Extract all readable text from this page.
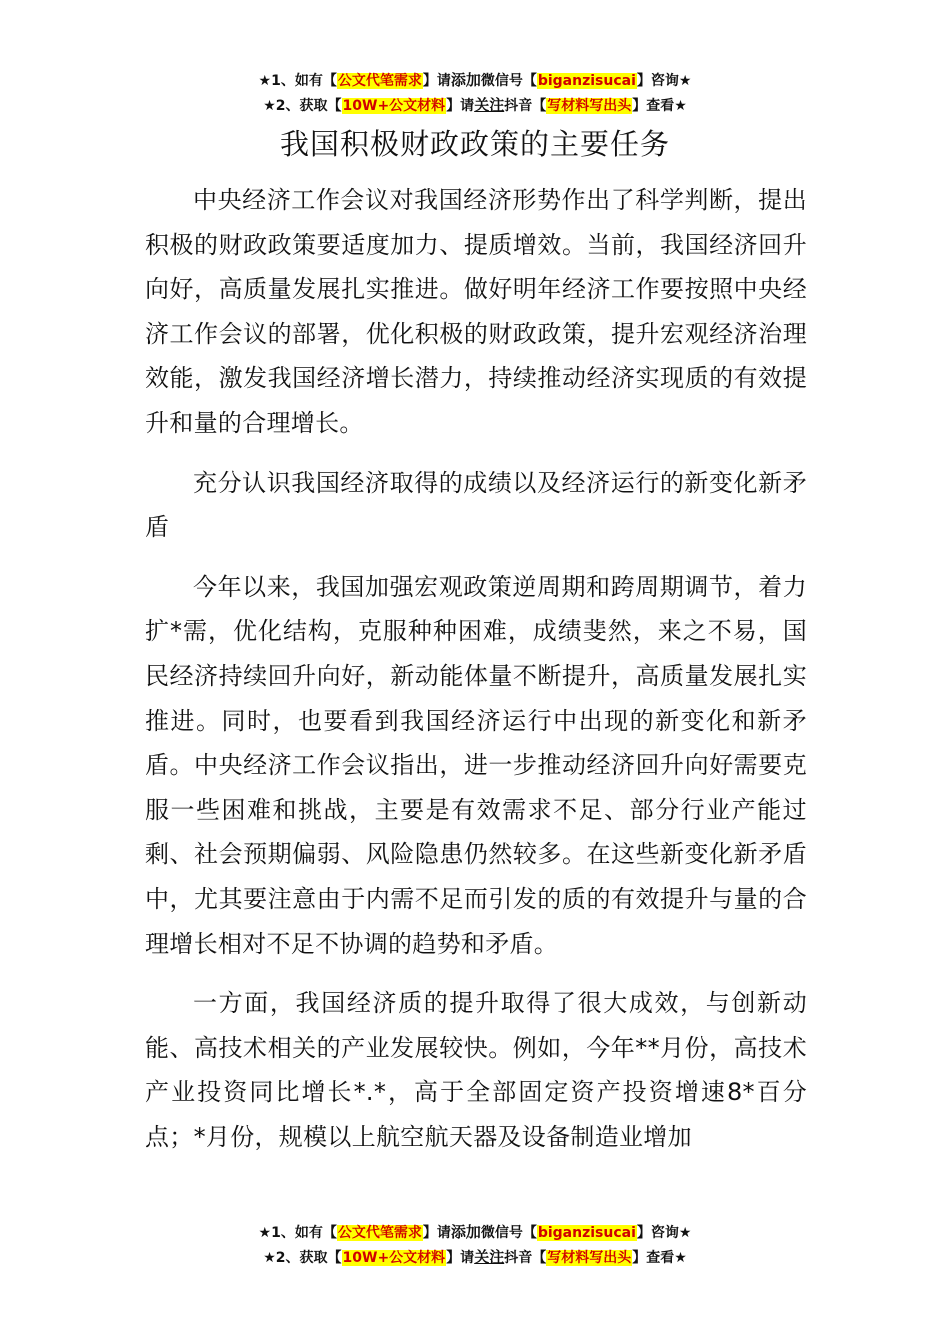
★1、如有【公文代笔需求】请添加微信号【biganzisucai】咨询★
★2、获取【10W+公文材料】请关注抖音【写材料写出头】查看★
我国积极财政政策的主要任务

中央经济工作会议对我国经济形势作出了科学判断，提出积极的财政政策要适度加力、提质增效。当前，我国经济回升向好，高质量发展扎实推进。做好明年经济工作要按照中央经济工作会议的部署，优化积极的财政政策，提升宏观经济治理效能，激发我国经济增长潜力，持续推动经济实现质的有效提升和量的合理增长。

充分认识我国经济取得的成绩以及经济运行的新变化新矛盾

今年以来，我国加强宏观政策逆周期和跨周期调节，着力扩*需，优化结构，克服种种困难，成绩斐然，来之不易，国民经济持续回升向好，新动能体量不断提升，高质量发展扎实推进。同时，也要看到我国经济运行中出现的新变化和新矛盾。中央经济工作会议指出，进一步推动经济回升向好需要克服一些困难和挑战，主要是有效需求不足、部分行业产能过剩、社会预期偏弱、风险隐患仍然较多。在这些新变化新矛盾中，尤其要注意由于内需不足而引发的质的有效提升与量的合理增长相对不足不协调的趋势和矛盾。

一方面，我国经济质的提升取得了很大成效，与创新动能、高技术相关的产业发展较快。例如，今年**月份，高技术产业投资同比增长*.*，高于全部固定资产投资增速8*百分点；*月份，规模以上航空航天器及设备制造业增加

★1、如有【公文代笔需求】请添加微信号【biganzisucai】咨询★
★2、获取【10W+公文材料】请关注抖音【写材料写出头】查看★
